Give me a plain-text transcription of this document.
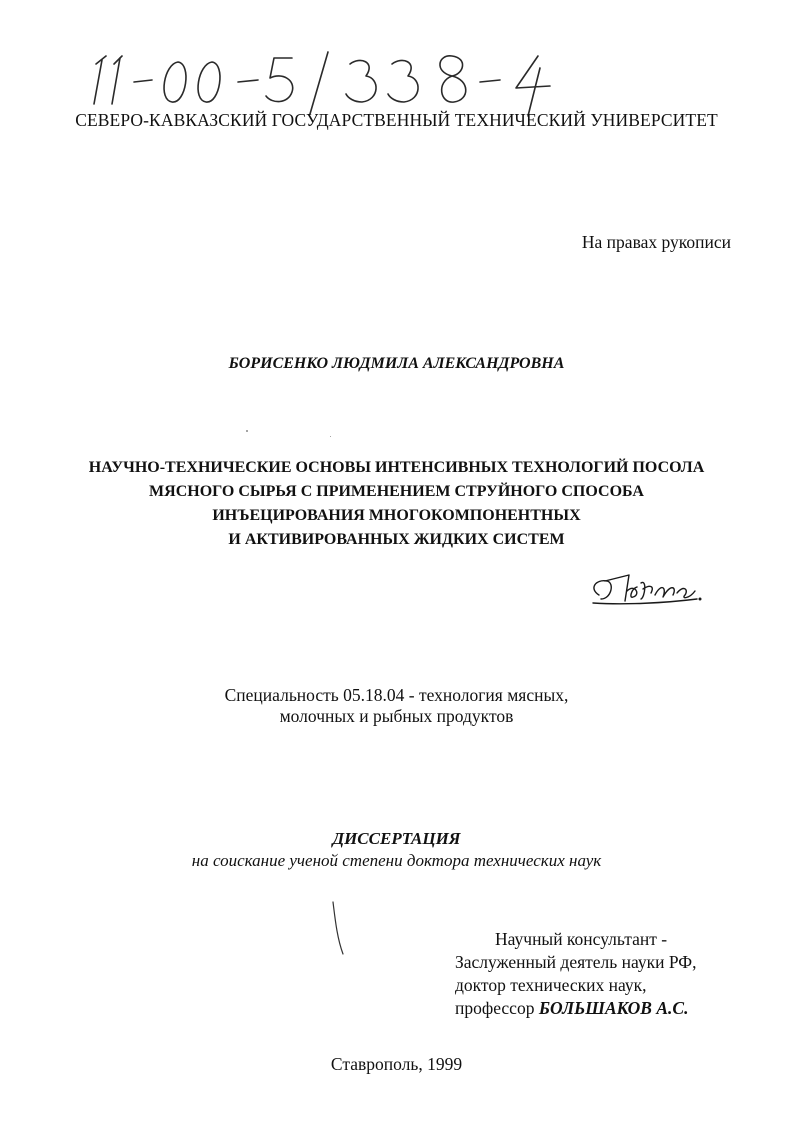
СЕВЕРО-КАВКАЗСКИЙ ГОСУДАРСТВЕННЫЙ ТЕХНИЧЕСКИЙ УНИВЕРСИТЕТ
На правах рукописи
БОРИСЕНКО ЛЮДМИЛА АЛЕКСАНДРОВНА
НАУЧНО-ТЕХНИЧЕСКИЕ ОСНОВЫ ИНТЕНСИВНЫХ ТЕХНОЛОГИЙ ПОСОЛА
МЯСНОГО СЫРЬЯ С ПРИМЕНЕНИЕМ СТРУЙНОГО СПОСОБА
ИНЪЕЦИРОВАНИЯ МНОГОКОМПОНЕНТНЫХ
И АКТИВИРОВАННЫХ ЖИДКИХ СИСТЕМ
Специальность 05.18.04 - технология мясных,
молочных и рыбных продуктов
ДИССЕРТАЦИЯ
на соискание ученой степени доктора технических наук
Научный консультант -
Заслуженный деятель науки РФ,
доктор технических наук,
профессор БОЛЬШАКОВ А.С.
Ставрополь, 1999
